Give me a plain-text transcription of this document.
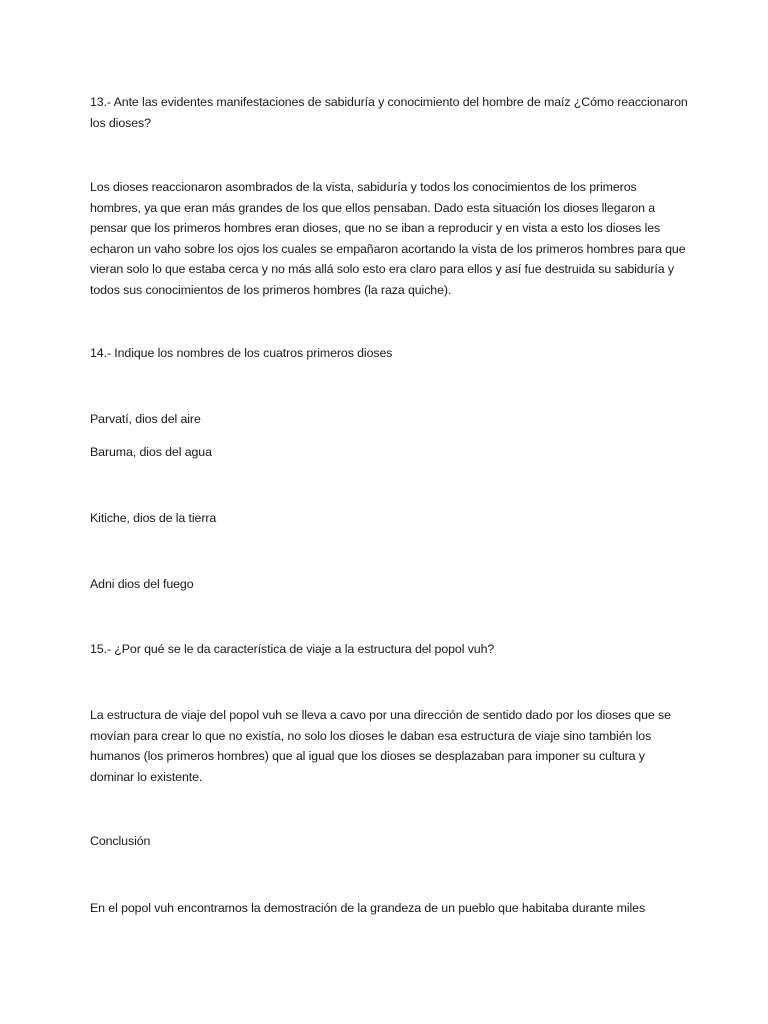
13.- Ante las evidentes manifestaciones de sabiduría y conocimiento del hombre de maíz ¿Cómo reaccionaron los dioses?

Los dioses reaccionaron asombrados de la vista, sabiduría y todos los conocimientos de los primeros hombres, ya que eran más grandes de los que ellos pensaban. Dado esta situación los dioses llegaron a pensar que los primeros hombres eran dioses, que no se iban a reproducir y en vista a esto los dioses les echaron un vaho sobre los ojos los cuales se empañaron acortando la vista de los primeros hombres para que vieran solo lo que estaba cerca y no más allá solo esto era claro para ellos y así fue destruida su sabiduría y todos sus conocimientos de los primeros hombres (la raza quiche).

14.- Indique los nombres de los cuatros primeros dioses

Parvatí, dios del aire

Baruma, dios del agua

Kitiche, dios de la tierra

Adni dios del fuego

15.- ¿Por qué se le da característica de viaje a la estructura del popol vuh?

La estructura de viaje del popol vuh se lleva a cavo por una dirección de sentido dado por los dioses que se movían para crear lo que no existía, no solo los dioses le daban esa estructura de viaje sino también los humanos (los primeros hombres) que al igual que los dioses se desplazaban para imponer su cultura y dominar lo existente.

Conclusión

En el popol vuh encontramos la demostración de la grandeza de un pueblo que habitaba durante miles
